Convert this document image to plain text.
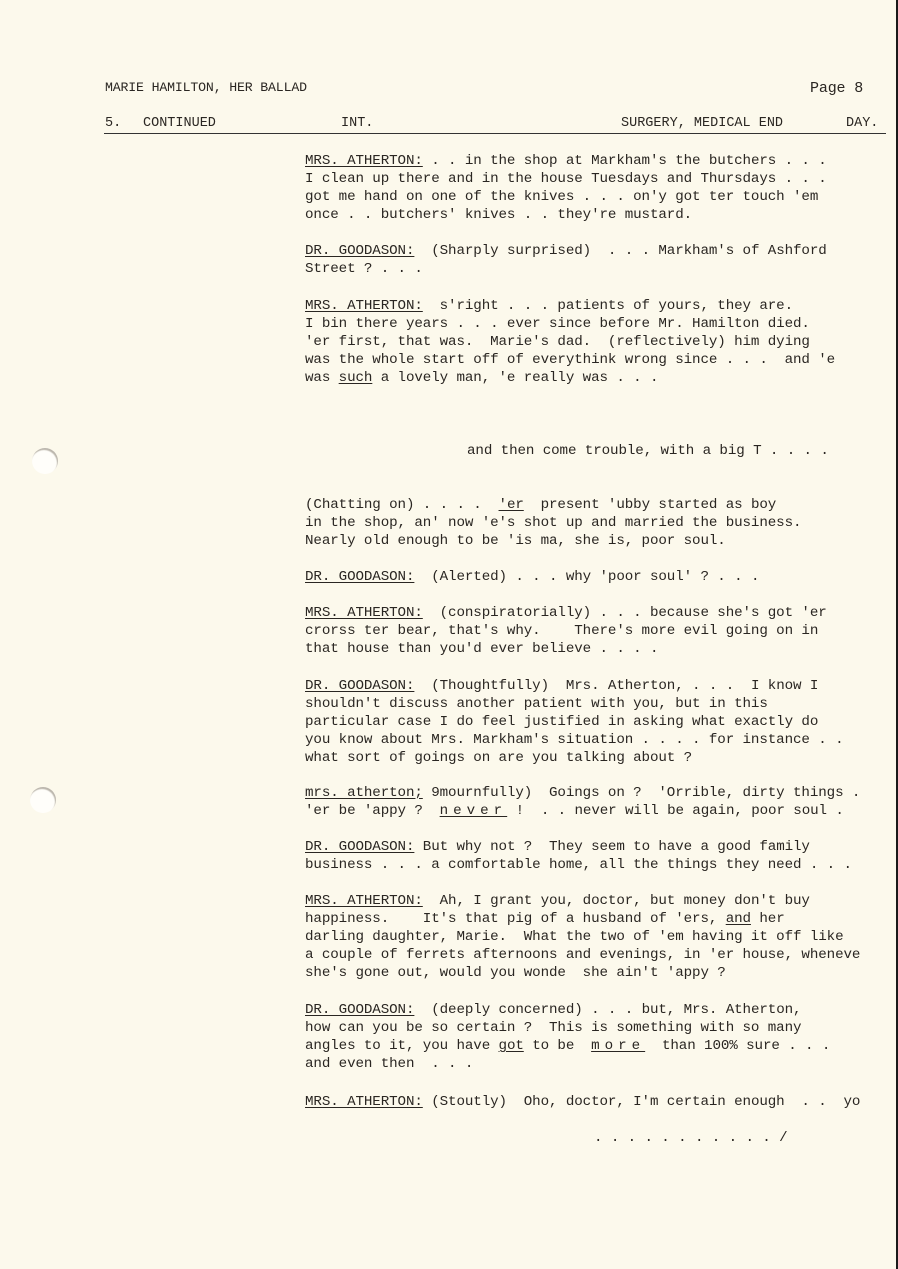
MARIE HAMILTON, HER BALLAD	Page 8
5. CONTINUED	INT.	SURGERY, MEDICAL END	DAY.
MRS. ATHERTON: . . in the shop at Markham's the butchers . . .
I clean up there and in the house Tuesdays and Thursdays . . .
got me hand on one of the knives . . . on'y got ter touch 'em
once . . butchers' knives . . they're mustard.
DR. GOODASON:  (Sharply surprised)  . . . Markham's of Ashford
Street ? . . .
MRS. ATHERTON:  s'right . . . patients of yours, they are.
I bin there years . . . ever since before Mr. Hamilton died.
'er first, that was.  Marie's dad.  (reflectively) him dying
was the whole start off of everythink wrong since . . .  and 'e
was such a lovely man, 'e really was . . .
and then come trouble, with a big T . . . .
(Chatting on) . . . .  'er  present 'ubby started as boy
in the shop, an' now 'e's shot up and married the business.
Nearly old enough to be 'is ma, she is, poor soul.
DR. GOODASON:  (Alerted) . . . why 'poor soul' ? . . .
MRS. ATHERTON:  (conspiratorially) . . . because she's got 'er
crorss ter bear, that's why.    There's more evil going on in
that house than you'd ever believe . . . .
DR. GOODASON:  (Thoughtfully)  Mrs. Atherton, . . .  I know I
shouldn't discuss another patient with you, but in this
particular case I do feel justified in asking what exactly do
you know about Mrs. Markham's situation . . . . for instance . .
what sort of goings on are you talking about ?
mrs. atherton; 9mournfully)  Goings on ?  'Orrible, dirty things .
'er be 'appy ?  never !  . . never will be again, poor soul .
DR. GOODASON: But why not ?  They seem to have a good family
business . . . a comfortable home, all the things they need . . .
MRS. ATHERTON:  Ah, I grant you, doctor, but money don't buy
happiness.    It's that pig of a husband of 'ers, and her
darling daughter, Marie.  What the two of 'em having it off like
a couple of ferrets afternoons and evenings, in 'er house, wheneve
she's gone out, would you wonde  she ain't 'appy ?
DR. GOODASON:  (deeply concerned) . . . but, Mrs. Atherton,
how can you be so certain ?  This is something with so many
angles to it, you have got to be  more  than 100% sure . . .
and even then  . . .
MRS. ATHERTON: (Stoutly)  Oho, doctor, I'm certain enough  . .  yo
. . . . . . . . . . . /
